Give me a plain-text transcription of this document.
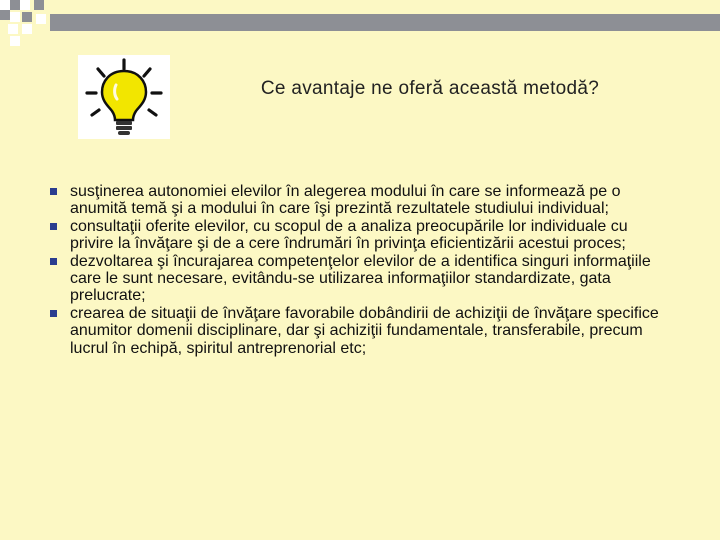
Ce avantaje ne oferă această metodă?
susţinerea autonomiei elevilor în alegerea modului în care se informează pe o anumită temă şi a modului în care îşi prezintă rezultatele studiului individual;
consultaţii oferite elevilor, cu scopul de a analiza preocupările lor individuale cu privire la învăţare şi de a cere îndrumări în privinţa eficientizării acestui proces;
dezvoltarea şi încurajarea competenţelor elevilor de a identifica singuri informaţiile care le sunt necesare, evitându-se utilizarea informaţiilor standardizate, gata prelucrate;
crearea de situaţii de învăţare favorabile dobândirii de achiziţii de învăţare specifice anumitor domenii disciplinare, dar şi achiziţii fundamentale, transferabile, precum lucrul în echipă, spiritul antreprenorial etc;
